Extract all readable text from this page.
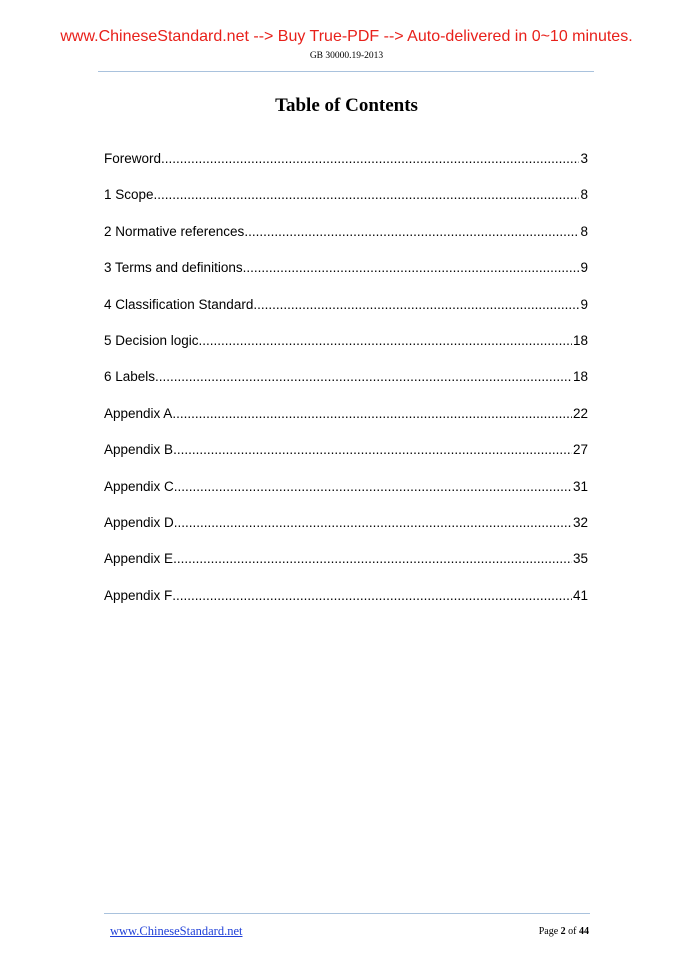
www.ChineseStandard.net --> Buy True-PDF --> Auto-delivered in 0~10 minutes.
GB 30000.19-2013
Table of Contents
Foreword .....	3
1 Scope .....	8
2 Normative references .....	8
3 Terms and definitions .....	9
4 Classification Standard .....	9
5 Decision logic .....	18
6 Labels .....	18
Appendix A .....	22
Appendix B .....	27
Appendix C .....	31
Appendix D .....	32
Appendix E .....	35
Appendix F .....	41
www.ChineseStandard.net	Page 2 of 44
